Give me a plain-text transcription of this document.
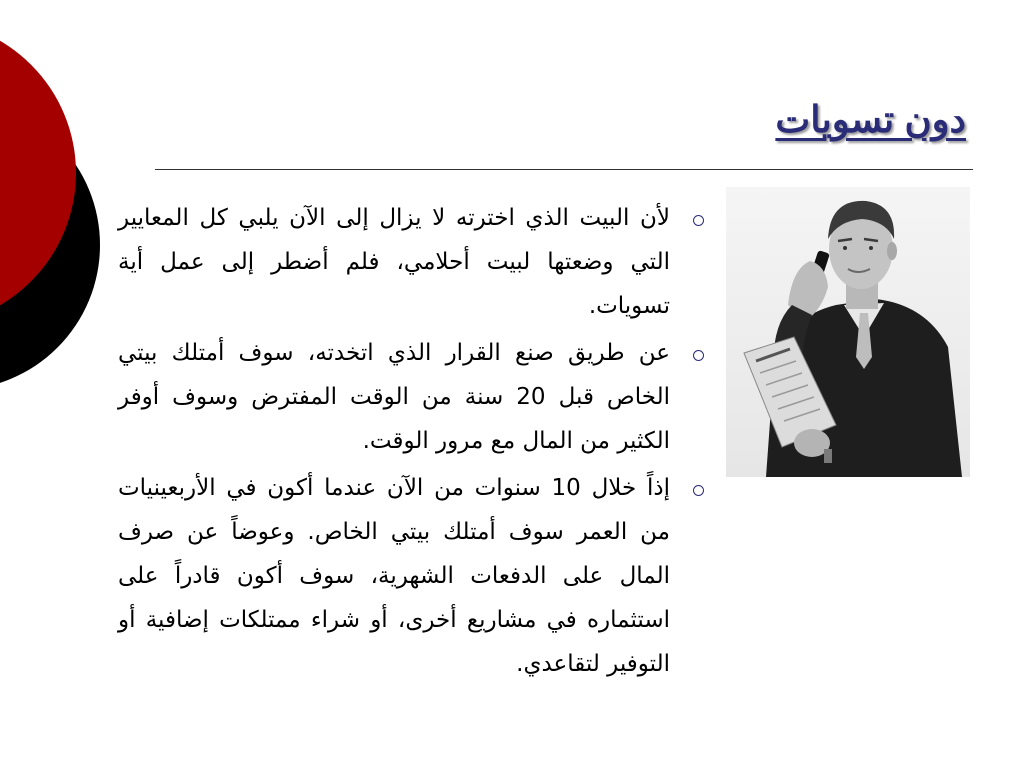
دون تسويات
لأن البيت الذي اخترته لا يزال إلى الآن يلبي كل المعايير التي وضعتها لبيت أحلامي، فلم أضطر إلى عمل أية تسويات.
عن طريق صنع القرار الذي اتخدته، سوف أمتلك بيتي الخاص قبل 20 سنة من الوقت المفترض وسوف أوفر الكثير من المال مع مرور الوقت.
إذاً خلال 10 سنوات من الآن عندما أكون في الأربعينيات من العمر سوف أمتلك بيتي الخاص. وعوضاً عن صرف المال على الدفعات الشهرية، سوف أكون قادراً على استثماره في مشاريع أخرى، أو شراء ممتلكات إضافية أو التوفير لتقاعدي.
